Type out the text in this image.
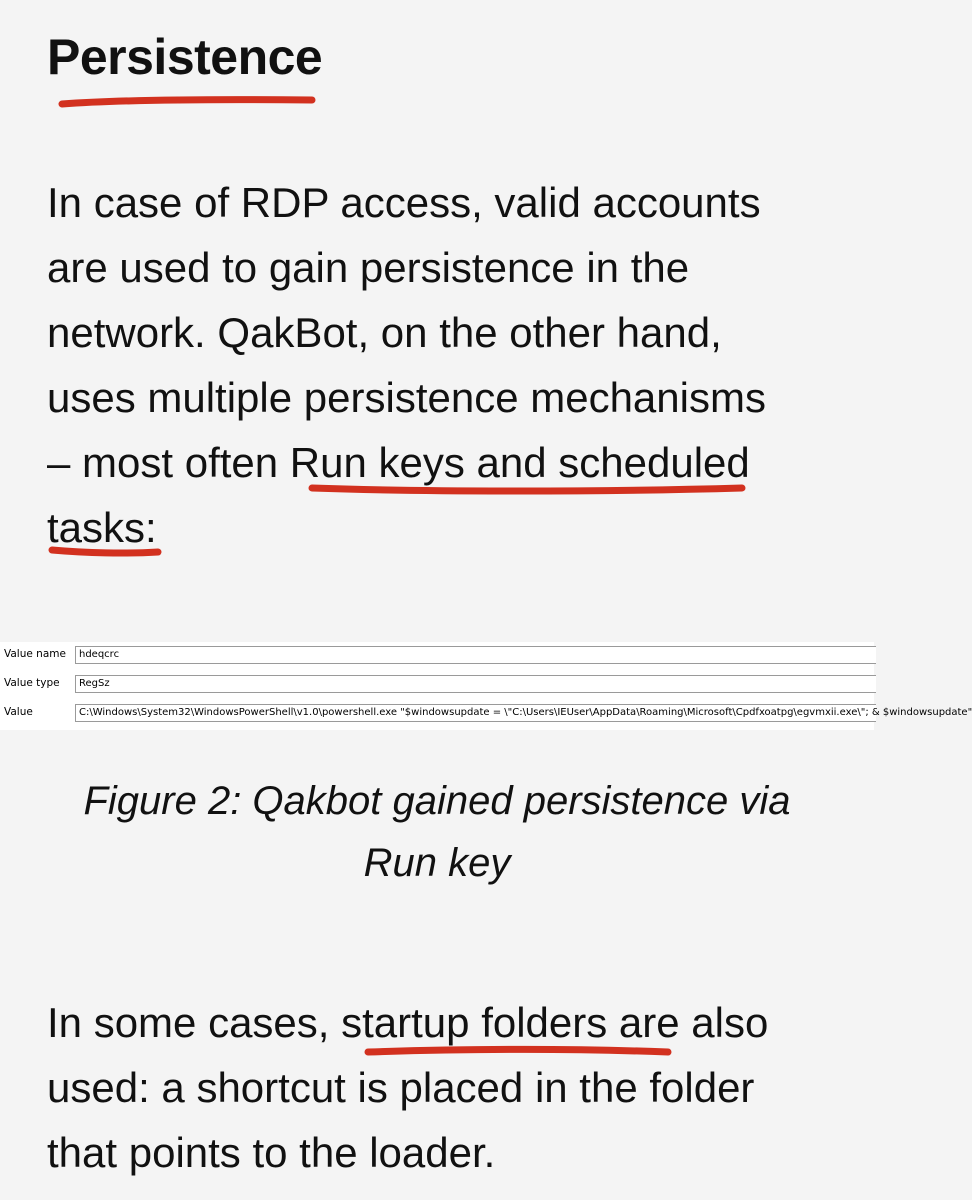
Persistence

In case of RDP access, valid accounts
are used to gain persistence in the
network. QakBot, on the other hand,
uses multiple persistence mechanisms
– most often Run keys and scheduled
tasks:

Value name	hdeqcrc
Value type	RegSz
Value	C:\Windows\System32\WindowsPowerShell\v1.0\powershell.exe "$windowsupdate = \"C:\Users\IEUser\AppData\Roaming\Microsoft\Cpdfxoatpg\egvmxii.exe\"; & $windowsupdate"

Figure 2: Qakbot gained persistence via
Run key

In some cases, startup folders are also
used: a shortcut is placed in the folder
that points to the loader.
